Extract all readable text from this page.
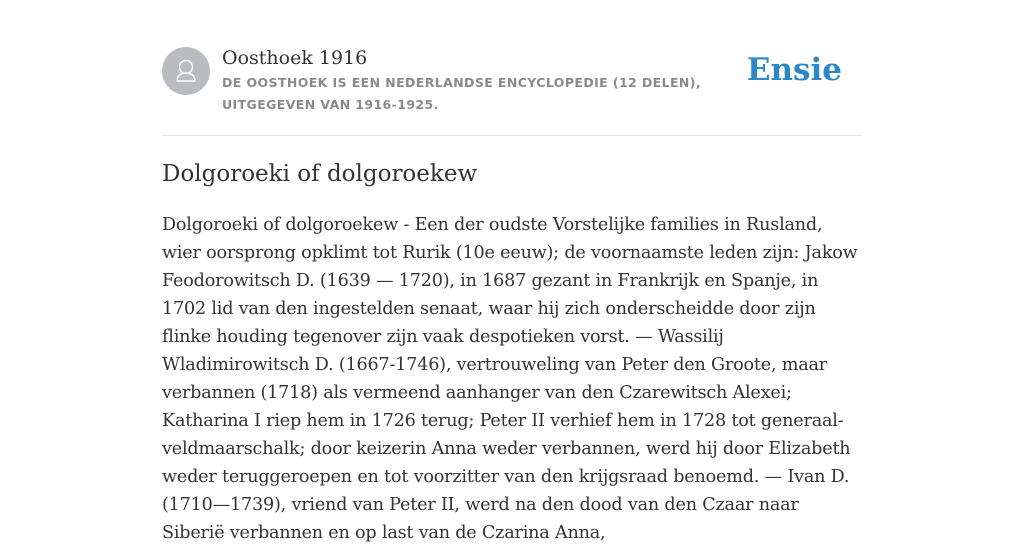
Oosthoek 1916
DE OOSTHOEK IS EEN NEDERLANDSE ENCYCLOPEDIE (12 DELEN), UITGEGEVEN VAN 1916-1925.
Ensie
Dolgoroeki of dolgoroekew

Dolgoroeki of dolgoroekew - Een der oudste Vorstelijke families in Rusland, wier oorsprong opklimt tot Rurik (10e eeuw); de voornaamste leden zijn: Jakow Feodorowitsch D. (1639 — 1720), in 1687 gezant in Frankrijk en Spanje, in 1702 lid van den ingestelden senaat, waar hij zich onderscheidde door zijn flinke houding tegenover zijn vaak despotieken vorst. — Wassilij Wladimirowitsch D. (1667-1746), vertrouweling van Peter den Groote, maar verbannen (1718) als vermeend aanhanger van den Czarewitsch Alexei; Katharina I riep hem in 1726 terug; Peter II verhief hem in 1728 tot generaal-veldmaarschalk; door keizerin Anna weder verbannen, werd hij door Elizabeth weder teruggeroepen en tot voorzitter van den krijgsraad benoemd. — Ivan D. (1710—1739), vriend van Peter II, werd na den dood van den Czaar naar Siberië verbannen en op last van de Czarina Anna,
